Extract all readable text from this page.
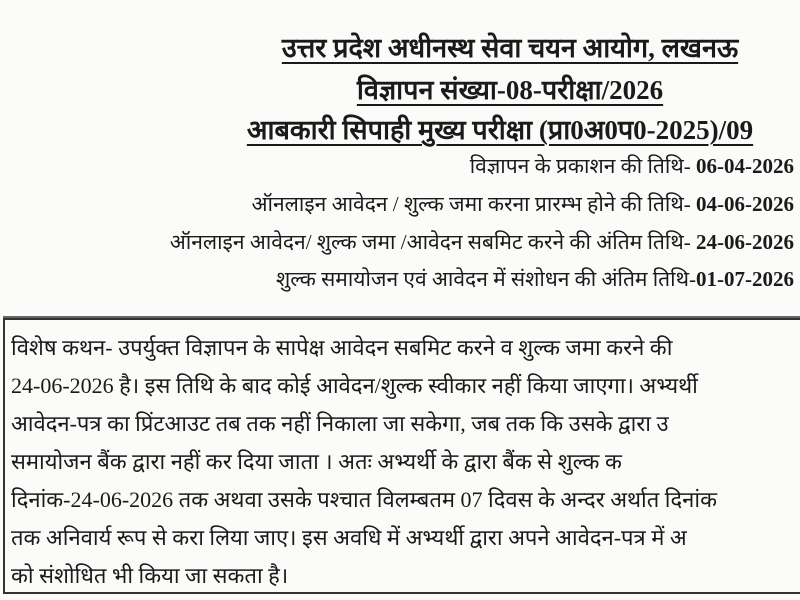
उत्तर प्रदेश अधीनस्थ सेवा चयन आयोग, लखनऊ
विज्ञापन संख्या-08-परीक्षा/2026
आबकारी सिपाही मुख्य परीक्षा (प्रा0अ0प0-2025)/09
विज्ञापन के प्रकाशन की तिथि- 06-04-2026
ऑनलाइन आवेदन / शुल्क जमा करना प्रारम्भ होने की तिथि- 04-06-2026
ऑनलाइन आवेदन/ शुल्क जमा /आवेदन सबमिट करने की अंतिम तिथि- 24-06-2026
शुल्क समायोजन एवं आवेदन में संशोधन की अंतिम तिथि-01-07-2026
विशेष कथन- उपर्युक्त विज्ञापन के सापेक्ष आवेदन सबमिट करने व शुल्क जमा करने की
24-06-2026 है। इस तिथि के बाद कोई आवेदन/शुल्क स्वीकार नहीं किया जाएगा। अभ्यर्थी
आवेदन-पत्र का प्रिंटआउट तब तक नहीं निकाला जा सकेगा, जब तक कि उसके द्वारा उ
समायोजन बैंक द्वारा नहीं कर दिया जाता । अतः अभ्यर्थी के द्वारा बैंक से शुल्क क
दिनांक-24-06-2026 तक अथवा उसके पश्चात विलम्बतम 07 दिवस के अन्दर अर्थात दिनांक
तक अनिवार्य रूप से करा लिया जाए। इस अवधि में अभ्यर्थी द्वारा अपने आवेदन-पत्र में अ
को संशोधित भी किया जा सकता है।
